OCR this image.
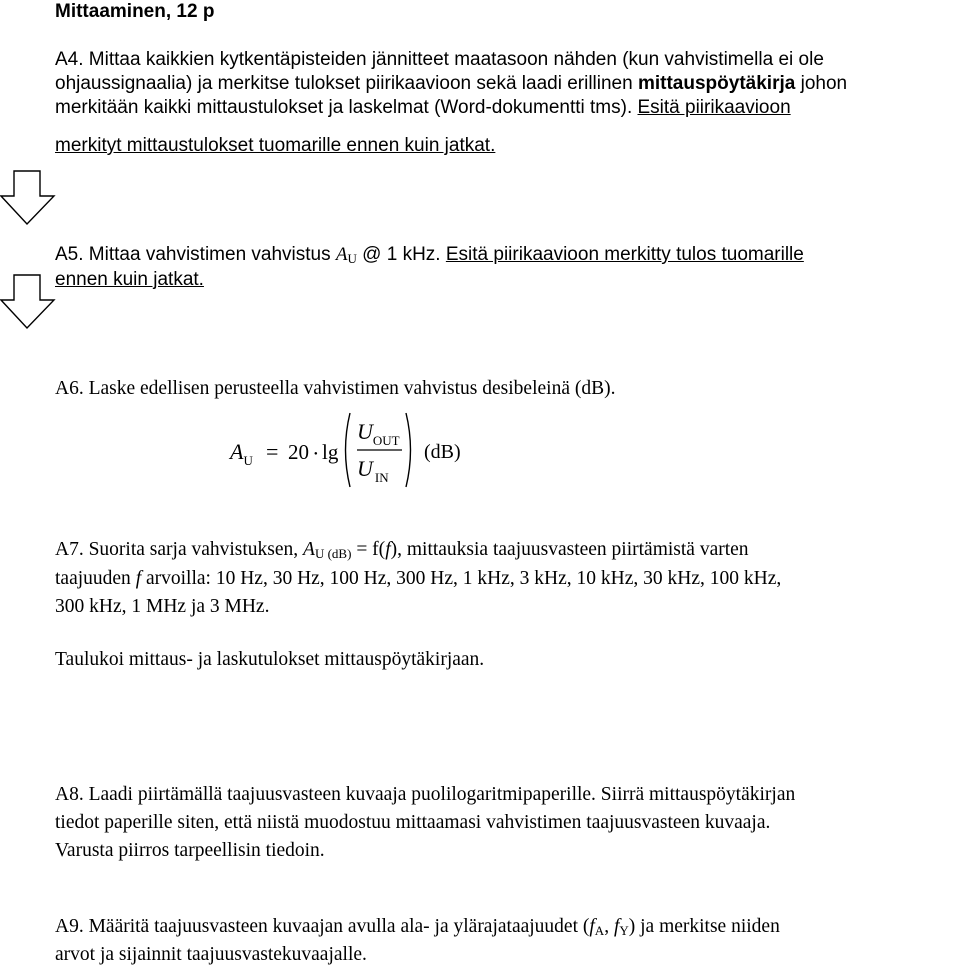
Mittaaminen, 12 p
A4. Mittaa kaikkien kytkentäpisteiden jännitteet maatasoon nähden (kun vahvistimella ei ole
ohjaussignaalia) ja merkitse tulokset piirikaavioon sekä laadi erillinen mittauspöytäkirja johon
merkitään kaikki mittaustulokset ja laskelmat (Word-dokumentti tms). Esitä piirikaavioon
merkityt mittaustulokset tuomarille ennen kuin jatkat.
A5. Mittaa vahvistimen vahvistus $A_U$ @ 1 kHz. Esitä piirikaavioon merkitty tulos tuomarille
ennen kuin jatkat.
A6. Laske edellisen perusteella vahvistimen vahvistus desibeleinä (dB).
$A_U = 20$ ● lg
$U_{OUT}$
U $_{IN}$
(dB)
A7. Suorita sarja vahvistuksen, $A_{U (dB)} = f(f)$, mittauksia taajuusvasteen piirtämistä varten
taajuuden f arvoilla: 10 Hz, 30 Hz, 100 Hz, 300 Hz, 1 kHz, 3 kHz, 10 kHz, 30 kHz, 100 kHz,
300 kHz, 1 MHz ja 3 MHz.
Taulukoi mittaus- ja laskutulokset mittauspöytäkirjaan.
A8. Laadi piirtämällä taajuusvasteen kuvaaja puolilogaritmipaperille. Siirrä mittauspöytäkirjan
tiedot paperille siten, että niistä muodostuu mittaamasi vahvistimen taajuusvasteen kuvaaja.
Varusta piirros tarpeellisin tiedoin.
A9. Määritä taajuusvasteen kuvaajan avulla ala- ja ylärajataajuudet ($f_A$, $f_Y$) ja merkitse niiden
arvot ja sijainnit taajuusvastekuvaajalle.
